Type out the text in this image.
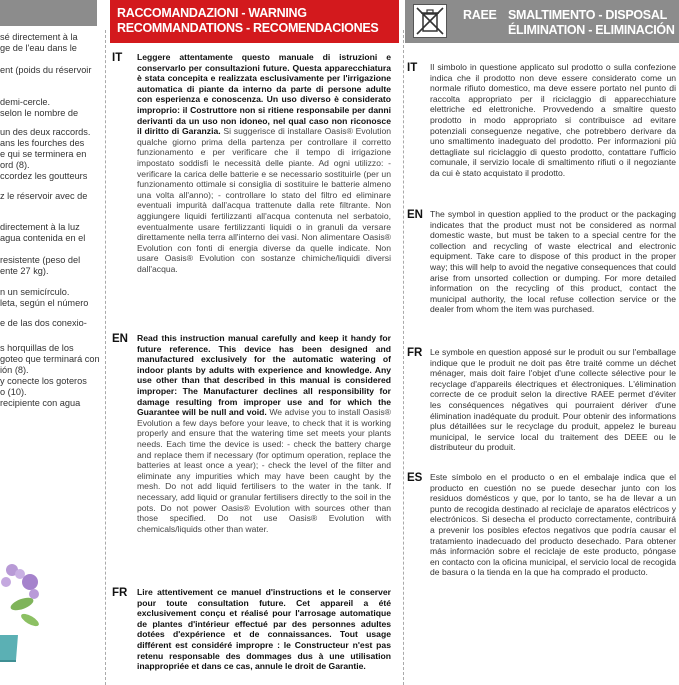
sé directement à la
ge de l'eau dans le
ent (poids du réservoir
demi-cercle.
selon le nombre de
un des deux raccords.
ans les fourches des
e qui se terminera en
ord (8).
ccordez les goutteurs
z le réservoir avec de
directement à la luz
agua contenida en el
resistente (peso del
ente 27 kg).
n un semicírculo.
leta, según el número
e de las dos conexio-
s horquillas de los
goteo que terminará con
ión (8).
y conecte los goteros
o (10).
recipiente con agua
RACCOMANDAZIONI - WARNING
RECOMMANDATIONS - RECOMENDACIONES
IT Leggere attentamente questo manuale di istruzioni e conservarlo per consultazioni future. Questa apparecchiatura è stata concepita e realizzata esclusivamente per l'irrigazione automatica di piante da interno da parte di persone adulte con esperienza e conoscenza. Un uso diverso è considerato improprio: il Costruttore non si ritiene responsabile per danni derivanti da un uso non idoneo, nel qual caso non riconosce il diritto di Garanzia. Si suggerisce di installare Oasis® Evolution qualche giorno prima della partenza per controllare il corretto funzionamento e per verificare che il tempo di irrigazione impostato soddisfi le necessità delle piante. Ad ogni utilizzo: - verificare la carica delle batterie e se necessario sostituirle (per un funzionamento ottimale si consiglia di sostituire le batterie almeno una volta all'anno); - controllare lo stato del filtro ed eliminare eventuali impurità dall'acqua trattenute dalla rete filtrante. Non aggiungere liquidi fertilizzanti all'acqua contenuta nel serbatoio, eventualmente usare fertilizzanti liquidi o in granuli da versare direttamente nella terra all'interno dei vasi. Non alimentare Oasis® Evolution con fonti di energia diverse da quelle indicate. Non usare Oasis® Evolution con sostanze chimiche/liquidi diversi dall'acqua.
EN Read this instruction manual carefully and keep it handy for future reference. This device has been designed and manufactured exclusively for the automatic watering of indoor plants by adults with experience and knowledge. Any use other than that described in this manual is considered improper: The Manufacturer declines all responsibility for damage resulting from improper use and for which the Guarantee will be null and void. We advise you to install Oasis® Evolution a few days before your leave, to check that it is working properly and ensure that the watering time set meets your plants needs. Each time the device is used: - check the battery charge and replace them if necessary (for optimum operation, replace the batteries at least once a year); - check the level of the filter and eliminate any impurities which may have been caught by the mesh. Do not add liquid fertilisers to the water in the tank. If necessary, add liquid or granular fertilisers directly to the soil in the pots. Do not power Oasis® Evolution with sources other than those specified. Do not use Oasis® Evolution with chemicals/liquids other than water.
FR Lire attentivement ce manuel d'instructions et le conserver pour toute consultation future. Cet appareil a été exclusivement conçu et réalisé pour l'arrosage automatique de plantes d'intérieur effectué par des personnes adultes dotées d'expérience et de connaissances. Tout usage différent est considéré impropre : le Constructeur n'est pas retenu responsable des dommages dus à une utilisation inappropriée et dans ce cas, annule le droit de Garantie.
RAEE SMALTIMENTO - DISPOSAL
ÉLIMINATION - ELIMINACIÓN
IT Il simbolo in questione applicato sul prodotto o sulla confezione indica che il prodotto non deve essere considerato come un normale rifiuto domestico, ma deve essere portato nel punto di raccolta appropriato per il riciclaggio di apparecchiature elettriche ed elettroniche. Provvedendo a smaltire questo prodotto in modo appropriato si contribuisce ad evitare potenziali conseguenze negative, che potrebbero derivare da uno smaltimento inadeguato del prodotto. Per informazioni più dettagliate sul riciclaggio di questo prodotto, contattare l'ufficio comunale, il servizio locale di smaltimento rifiuti o il negoziante da cui è stato acquistato il prodotto.
EN The symbol in question applied to the product or the packaging indicates that the product must not be considered as normal domestic waste, but must be taken to a special centre for the collection and recycling of waste electrical and electronic equipment. Take care to dispose of this product in the proper way; this will help to avoid the negative consequences that could arise from unsorted collection or dumping. For more detailed information on the recycling of this product, contact the municipal authority, the local refuse collection service or the dealer from whom the item was purchased.
FR Le symbole en question apposé sur le produit ou sur l'emballage indique que le produit ne doit pas être traité comme un déchet ménager, mais doit faire l'objet d'une collecte sélective pour le recyclage d'appareils électriques et électroniques. L'élimination correcte de ce produit selon la directive RAEE permet d'éviter les conséquences négatives qui pourraient dériver d'une élimination inadéquate du produit. Pour obtenir des informations plus détaillées sur le recyclage du produit, appelez le bureau municipal, le service local du traitement des DEEE ou le distributeur du produit.
ES Este símbolo en el producto o en el embalaje indica que el producto en cuestión no se puede desechar junto con los residuos domésticos y que, por lo tanto, se ha de llevar a un punto de recogida destinado al reciclaje de aparatos eléctricos y electrónicos. Si desecha el producto correctamente, contribuirá a prevenir los posibles efectos negativos que podría causar el tratamiento inadecuado del producto desechado. Para obtener más información sobre el reciclaje de este producto, póngase en contacto con la oficina municipal, el servicio local de recogida de basura o la tienda en la que ha comprado el producto.
